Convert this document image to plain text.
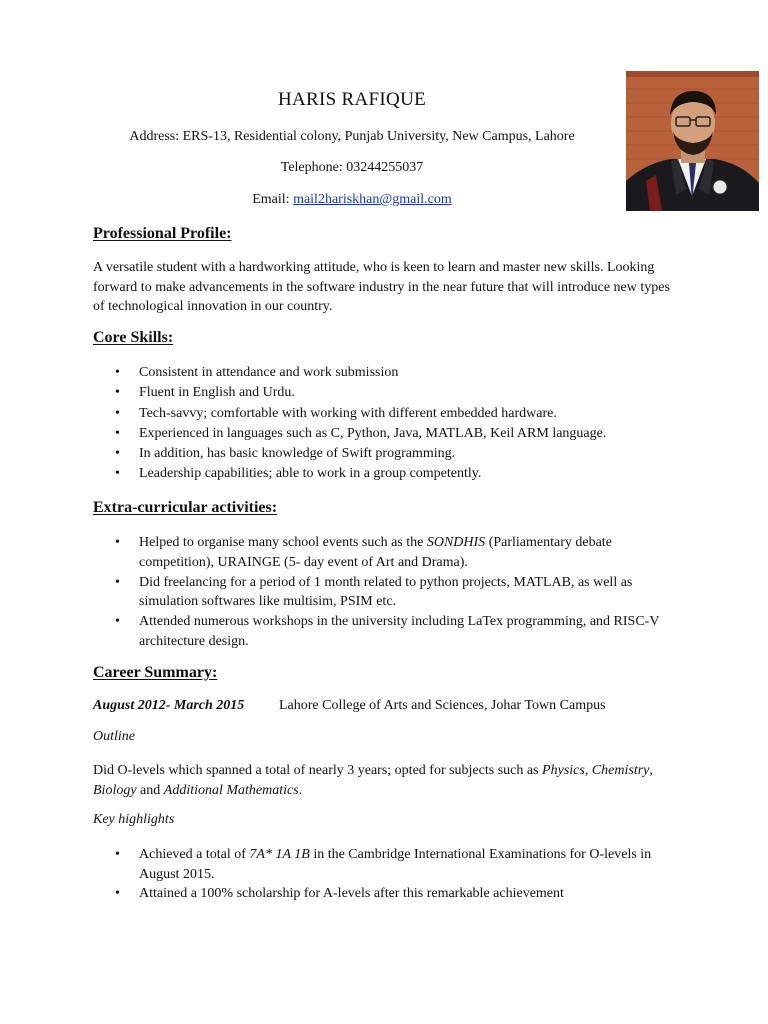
HARIS RAFIQUE
Address: ERS-13, Residential colony, Punjab University, New Campus, Lahore
Telephone: 03244255037
Email: mail2hariskhan@gmail.com
Professional Profile:
A versatile student with a hardworking attitude, who is keen to learn and master new skills. Looking forward to make advancements in the software industry in the near future that will introduce new types of technological innovation in our country.
Core Skills:
• Consistent in attendance and work submission
• Fluent in English and Urdu.
• Tech-savvy; comfortable with working with different embedded hardware.
• Experienced in languages such as C, Python, Java, MATLAB, Keil ARM language.
• In addition, has basic knowledge of Swift programming.
• Leadership capabilities; able to work in a group competently.
Extra-curricular activities:
• Helped to organise many school events such as the SONDHIS (Parliamentary debate competition), URAINGE (5- day event of Art and Drama).
• Did freelancing for a period of 1 month related to python projects, MATLAB, as well as simulation softwares like multisim, PSIM etc.
• Attended numerous workshops in the university including LaTex programming, and RISC-V architecture design.
Career Summary:
August 2012- March 2015 Lahore College of Arts and Sciences, Johar Town Campus
Outline
Did O-levels which spanned a total of nearly 3 years; opted for subjects such as Physics, Chemistry, Biology and Additional Mathematics.
Key highlights
• Achieved a total of 7A* 1A 1B in the Cambridge International Examinations for O-levels in August 2015.
• Attained a 100% scholarship for A-levels after this remarkable achievement
